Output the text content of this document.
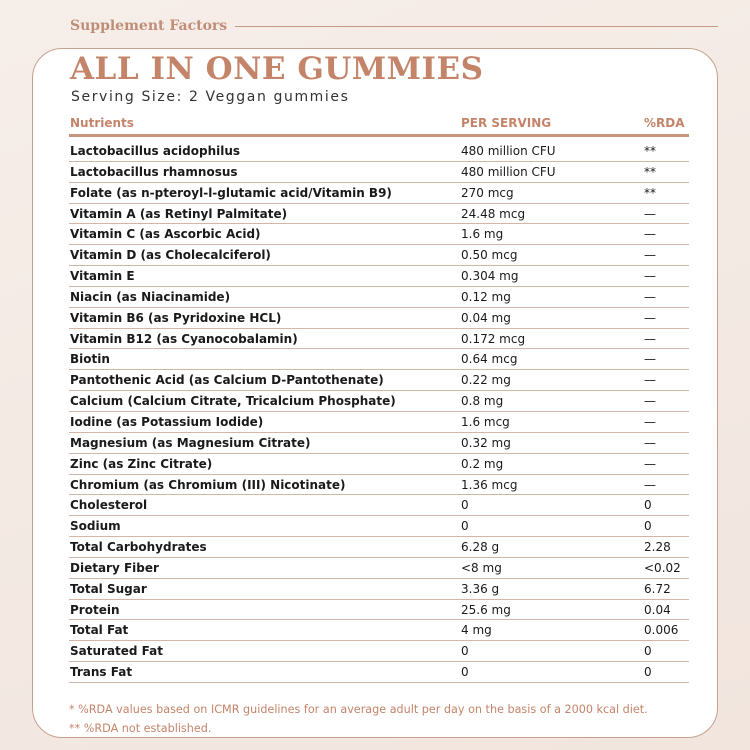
Supplement Factors
ALL IN ONE GUMMIES
Serving Size: 2 Veggan gummies
Nutrients	PER SERVING	%RDA
Lactobacillus acidophilus	480 million CFU	**
Lactobacillus rhamnosus	480 million CFU	**
Folate (as n-pteroyl-l-glutamic acid/Vitamin B9)	270 mcg	**
Vitamin A (as Retinyl Palmitate)	24.48 mcg	—
Vitamin C (as Ascorbic Acid)	1.6 mg	—
Vitamin D (as Cholecalciferol)	0.50 mcg	—
Vitamin E	0.304 mg	—
Niacin (as Niacinamide)	0.12 mg	—
Vitamin B6 (as Pyridoxine HCL)	0.04 mg	—
Vitamin B12 (as Cyanocobalamin)	0.172 mcg	—
Biotin	0.64 mcg	—
Pantothenic Acid (as Calcium D-Pantothenate)	0.22 mg	—
Calcium (Calcium Citrate, Tricalcium Phosphate)	0.8 mg	—
Iodine (as Potassium Iodide)	1.6 mcg	—
Magnesium (as Magnesium Citrate)	0.32 mg	—
Zinc (as Zinc Citrate)	0.2 mg	—
Chromium (as Chromium (III) Nicotinate)	1.36 mcg	—
Cholesterol	0	0
Sodium	0	0
Total Carbohydrates	6.28 g	2.28
Dietary Fiber	<8 mg	<0.02
Total Sugar	3.36 g	6.72
Protein	25.6 mg	0.04
Total Fat	4 mg	0.006
Saturated Fat	0	0
Trans Fat	0	0
* %RDA values based on ICMR guidelines for an average adult per day on the basis of a 2000 kcal diet.
** %RDA not established.
